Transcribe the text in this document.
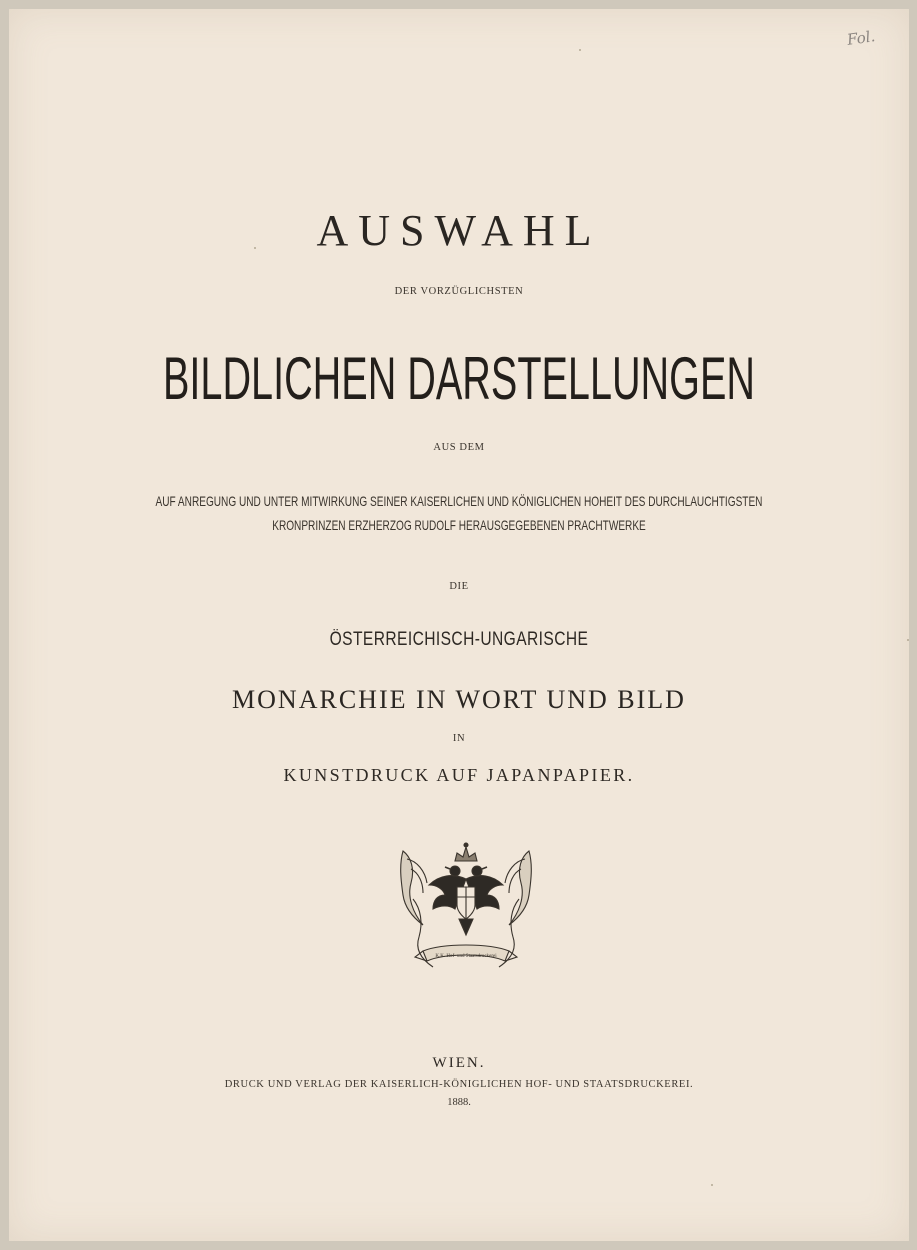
Fol.
AUSWAHL
DER VORZÜGLICHSTEN
BILDLICHEN DARSTELLUNGEN
AUS DEM
AUF ANREGUNG UND UNTER MITWIRKUNG SEINER KAISERLICHEN UND KÖNIGLICHEN HOHEIT DES DURCHLAUCHTIGSTEN
KRONPRINZEN ERZHERZOG RUDOLF HERAUSGEGEBENEN PRACHTWERKE
DIE
ÖSTERREICHISCH-UNGARISCHE
MONARCHIE IN WORT UND BILD
IN
KUNSTDRUCK AUF JAPANPAPIER.
K.K. Hof- und Staatsdruckerei
WIEN.
DRUCK UND VERLAG DER KAISERLICH-KÖNIGLICHEN HOF- UND STAATSDRUCKEREI.
1888.
